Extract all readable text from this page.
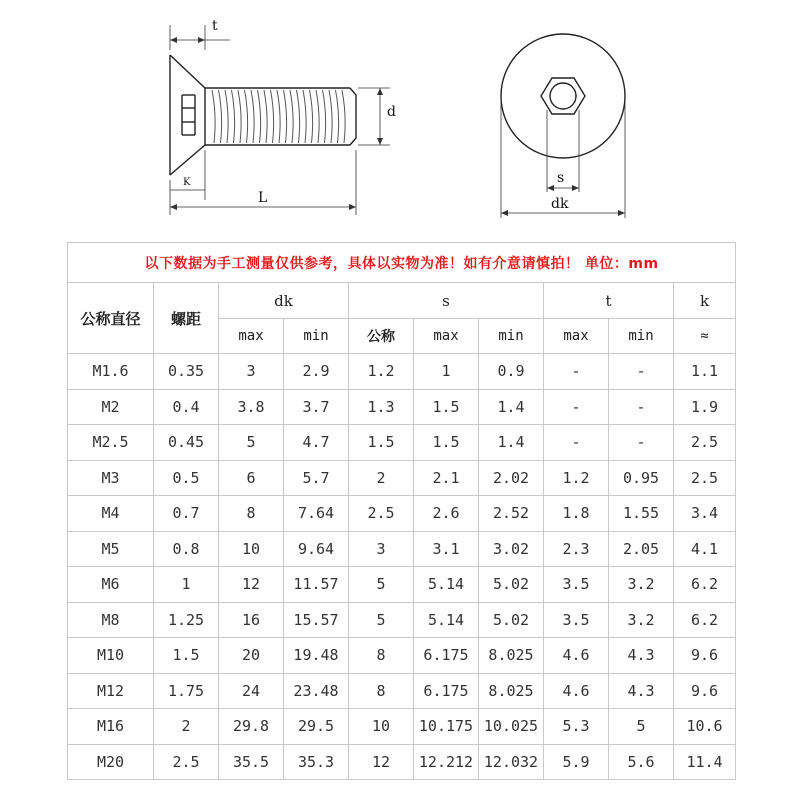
t
d
K
L
s
dk
以下数据为手工测量仅供参考，具体以实物为准！如有介意请慎拍！ 单位：mm									
公称直径	螺距	dk		s			t		k
		max	min	公称	max	min	max	min	≈
M1.6	0.35	3	2.9	1.2	1	0.9	-	-	1.1
M2	0.4	3.8	3.7	1.3	1.5	1.4	-	-	1.9
M2.5	0.45	5	4.7	1.5	1.5	1.4	-	-	2.5
M3	0.5	6	5.7	2	2.1	2.02	1.2	0.95	2.5
M4	0.7	8	7.64	2.5	2.6	2.52	1.8	1.55	3.4
M5	0.8	10	9.64	3	3.1	3.02	2.3	2.05	4.1
M6	1	12	11.57	5	5.14	5.02	3.5	3.2	6.2
M8	1.25	16	15.57	5	5.14	5.02	3.5	3.2	6.2
M10	1.5	20	19.48	8	6.175	8.025	4.6	4.3	9.6
M12	1.75	24	23.48	8	6.175	8.025	4.6	4.3	9.6
M16	2	29.8	29.5	10	10.175	10.025	5.3	5	10.6
M20	2.5	35.5	35.3	12	12.212	12.032	5.9	5.6	11.4
